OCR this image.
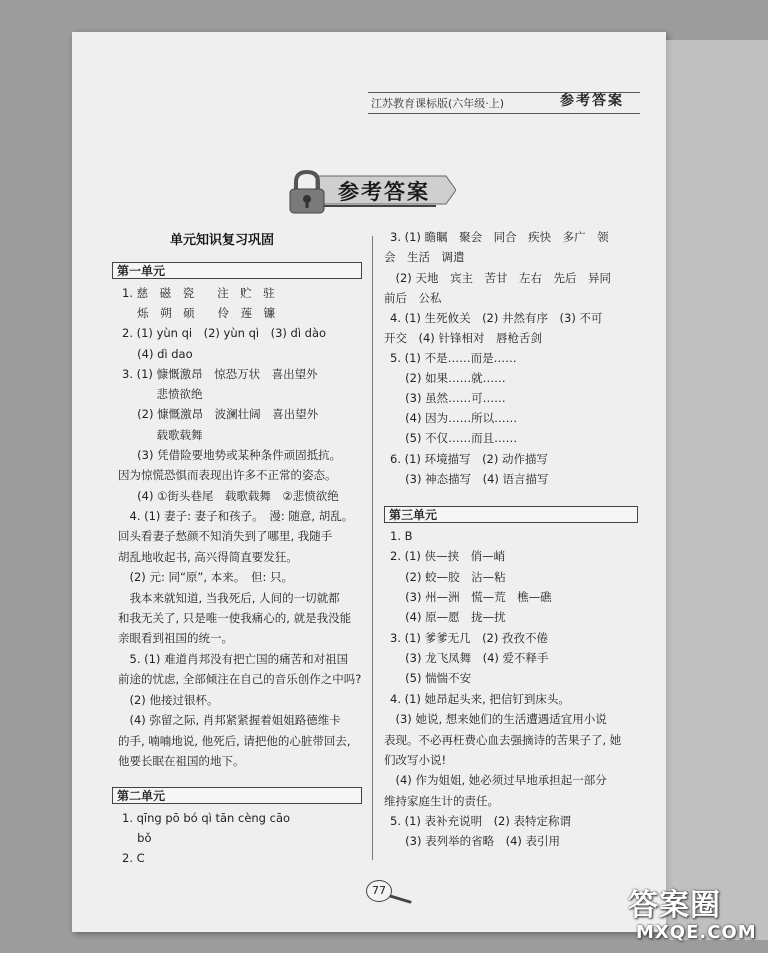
江苏教育课标版(六年级·上)	参考答案
参考答案
单元知识复习巩固
第一单元
第二单元
第三单元
1. 慈　磁　瓷　　注　贮　驻
　 烁　朔　硕　　伶　莲　镰
2. (1) yùn qi　(2) yùn qì　(3) dì dào
　 (4) dì dao
3. (1) 慷慨激昂　惊恐万状　喜出望外
　　　悲愤欲绝
　 (2) 慷慨激昂　波澜壮阔　喜出望外
　　　载歌载舞
　 (3) 凭借险要地势或某种条件顽固抵抗。
因为惊慌恐惧而表现出许多不正常的姿态。
　 (4) ①街头巷尾　载歌载舞　②悲愤欲绝
　4. (1) 妻子: 妻子和孩子。　漫: 随意, 胡乱。
回头看妻子愁颜不知消失到了哪里, 我随手
胡乱地收起书, 高兴得简直要发狂。
　(2) 元: 同“原”, 本来。　但: 只。
　我本来就知道, 当我死后, 人间的一切就都
和我无关了, 只是唯一使我痛心的, 就是我没能
亲眼看到祖国的统一。
　5. (1) 难道肖邦没有把亡国的痛苦和对祖国
前途的忧虑, 全部倾注在自己的音乐创作之中吗?
　(2) 他接过银杯。
　(4) 弥留之际, 肖邦紧紧握着姐姐路德维卡
的手, 喃喃地说, 他死后, 请把他的心脏带回去,
他要长眠在祖国的地下。
1. qīng pō bó qì tān cèng cāo
　 bǒ
2. C
3. (1) 瞻瞩　聚会　同合　疾快　多广　领
会　生活　调遣
　(2) 天地　宾主　苦甘　左右　先后　异同
前后　公私
4. (1) 生死攸关　(2) 井然有序　(3) 不可
开交　(4) 针锋相对　唇枪舌剑
5. (1) 不是……而是……
　 (2) 如果……就……
　 (3) 虽然……可……
　 (4) 因为……所以……
　 (5) 不仅……而且……
6. (1) 环境描写　(2) 动作描写
　 (3) 神态描写　(4) 语言描写
1. B
2. (1) 侠—挟　俏—峭
　 (2) 蛟—胶　沾—粘
　 (3) 州—洲　慌—荒　樵—礁
　 (4) 原—愿　拢—扰
3. (1) 爹爹无几　(2) 孜孜不倦
　 (3) 龙飞凤舞　(4) 爱不释手
　 (5) 惴惴不安
4. (1) 她昂起头来, 把信钉到床头。
　(3) 她说, 想来她们的生活遭遇适宜用小说
表现。不必再枉费心血去强摘诗的苦果子了, 她
们改写小说!
　(4) 作为姐姐, 她必须过早地承担起一部分
维持家庭生计的责任。
5. (1) 表补充说明　(2) 表特定称谓
　 (3) 表列举的省略　(4) 表引用
77	答案圈
MXQE.COM
